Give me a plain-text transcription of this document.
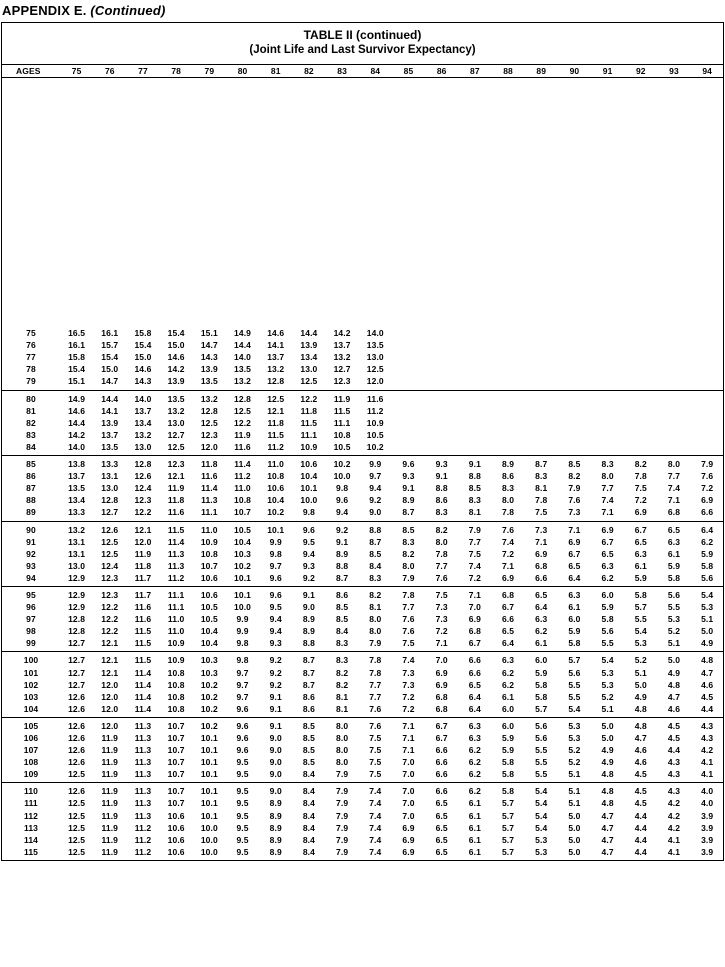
APPENDIX E. (Continued)
TABLE II (continued)
(Joint Life and Last Survivor Expectancy)
AGES	75	76	77	78	79	80	81	82	83	84	85	86	87	88	89	90	91	92	93	94

75	16.5	16.1	15.8	15.4	15.1	14.9	14.6	14.4	14.2	14.0										
76	16.1	15.7	15.4	15.0	14.7	14.4	14.1	13.9	13.7	13.5										
77	15.8	15.4	15.0	14.6	14.3	14.0	13.7	13.4	13.2	13.0										
78	15.4	15.0	14.6	14.2	13.9	13.5	13.2	13.0	12.7	12.5										
79	15.1	14.7	14.3	13.9	13.5	13.2	12.8	12.5	12.3	12.0										

80	14.9	14.4	14.0	13.5	13.2	12.8	12.5	12.2	11.9	11.6										
81	14.6	14.1	13.7	13.2	12.8	12.5	12.1	11.8	11.5	11.2										
82	14.4	13.9	13.4	13.0	12.5	12.2	11.8	11.5	11.1	10.9										
83	14.2	13.7	13.2	12.7	12.3	11.9	11.5	11.1	10.8	10.5										
84	14.0	13.5	13.0	12.5	12.0	11.6	11.2	10.9	10.5	10.2										

85	13.8	13.3	12.8	12.3	11.8	11.4	11.0	10.6	10.2	9.9	9.6	9.3	9.1	8.9	8.7	8.5	8.3	8.2	8.0	7.9
86	13.7	13.1	12.6	12.1	11.6	11.2	10.8	10.4	10.0	9.7	9.3	9.1	8.8	8.6	8.3	8.2	8.0	7.8	7.7	7.6
87	13.5	13.0	12.4	11.9	11.4	11.0	10.6	10.1	9.8	9.4	9.1	8.8	8.5	8.3	8.1	7.9	7.7	7.5	7.4	7.2
88	13.4	12.8	12.3	11.8	11.3	10.8	10.4	10.0	9.6	9.2	8.9	8.6	8.3	8.0	7.8	7.6	7.4	7.2	7.1	6.9
89	13.3	12.7	12.2	11.6	11.1	10.7	10.2	9.8	9.4	9.0	8.7	8.3	8.1	7.8	7.5	7.3	7.1	6.9	6.8	6.6

90	13.2	12.6	12.1	11.5	11.0	10.5	10.1	9.6	9.2	8.8	8.5	8.2	7.9	7.6	7.3	7.1	6.9	6.7	6.5	6.4
91	13.1	12.5	12.0	11.4	10.9	10.4	9.9	9.5	9.1	8.7	8.3	8.0	7.7	7.4	7.1	6.9	6.7	6.5	6.3	6.2
92	13.1	12.5	11.9	11.3	10.8	10.3	9.8	9.4	8.9	8.5	8.2	7.8	7.5	7.2	6.9	6.7	6.5	6.3	6.1	5.9
93	13.0	12.4	11.8	11.3	10.7	10.2	9.7	9.3	8.8	8.4	8.0	7.7	7.4	7.1	6.8	6.5	6.3	6.1	5.9	5.8
94	12.9	12.3	11.7	11.2	10.6	10.1	9.6	9.2	8.7	8.3	7.9	7.6	7.2	6.9	6.6	6.4	6.2	5.9	5.8	5.6

95	12.9	12.3	11.7	11.1	10.6	10.1	9.6	9.1	8.6	8.2	7.8	7.5	7.1	6.8	6.5	6.3	6.0	5.8	5.6	5.4
96	12.9	12.2	11.6	11.1	10.5	10.0	9.5	9.0	8.5	8.1	7.7	7.3	7.0	6.7	6.4	6.1	5.9	5.7	5.5	5.3
97	12.8	12.2	11.6	11.0	10.5	9.9	9.4	8.9	8.5	8.0	7.6	7.3	6.9	6.6	6.3	6.0	5.8	5.5	5.3	5.1
98	12.8	12.2	11.5	11.0	10.4	9.9	9.4	8.9	8.4	8.0	7.6	7.2	6.8	6.5	6.2	5.9	5.6	5.4	5.2	5.0
99	12.7	12.1	11.5	10.9	10.4	9.8	9.3	8.8	8.3	7.9	7.5	7.1	6.7	6.4	6.1	5.8	5.5	5.3	5.1	4.9

100	12.7	12.1	11.5	10.9	10.3	9.8	9.2	8.7	8.3	7.8	7.4	7.0	6.6	6.3	6.0	5.7	5.4	5.2	5.0	4.8
101	12.7	12.1	11.4	10.8	10.3	9.7	9.2	8.7	8.2	7.8	7.3	6.9	6.6	6.2	5.9	5.6	5.3	5.1	4.9	4.7
102	12.7	12.0	11.4	10.8	10.2	9.7	9.2	8.7	8.2	7.7	7.3	6.9	6.5	6.2	5.8	5.5	5.3	5.0	4.8	4.6
103	12.6	12.0	11.4	10.8	10.2	9.7	9.1	8.6	8.1	7.7	7.2	6.8	6.4	6.1	5.8	5.5	5.2	4.9	4.7	4.5
104	12.6	12.0	11.4	10.8	10.2	9.6	9.1	8.6	8.1	7.6	7.2	6.8	6.4	6.0	5.7	5.4	5.1	4.8	4.6	4.4

105	12.6	12.0	11.3	10.7	10.2	9.6	9.1	8.5	8.0	7.6	7.1	6.7	6.3	6.0	5.6	5.3	5.0	4.8	4.5	4.3
106	12.6	11.9	11.3	10.7	10.1	9.6	9.0	8.5	8.0	7.5	7.1	6.7	6.3	5.9	5.6	5.3	5.0	4.7	4.5	4.3
107	12.6	11.9	11.3	10.7	10.1	9.6	9.0	8.5	8.0	7.5	7.1	6.6	6.2	5.9	5.5	5.2	4.9	4.6	4.4	4.2
108	12.6	11.9	11.3	10.7	10.1	9.5	9.0	8.5	8.0	7.5	7.0	6.6	6.2	5.8	5.5	5.2	4.9	4.6	4.3	4.1
109	12.5	11.9	11.3	10.7	10.1	9.5	9.0	8.4	7.9	7.5	7.0	6.6	6.2	5.8	5.5	5.1	4.8	4.5	4.3	4.1

110	12.6	11.9	11.3	10.7	10.1	9.5	9.0	8.4	7.9	7.4	7.0	6.6	6.2	5.8	5.4	5.1	4.8	4.5	4.3	4.0
111	12.5	11.9	11.3	10.7	10.1	9.5	8.9	8.4	7.9	7.4	7.0	6.5	6.1	5.7	5.4	5.1	4.8	4.5	4.2	4.0
112	12.5	11.9	11.3	10.6	10.1	9.5	8.9	8.4	7.9	7.4	7.0	6.5	6.1	5.7	5.4	5.0	4.7	4.4	4.2	3.9
113	12.5	11.9	11.2	10.6	10.0	9.5	8.9	8.4	7.9	7.4	6.9	6.5	6.1	5.7	5.4	5.0	4.7	4.4	4.2	3.9
114	12.5	11.9	11.2	10.6	10.0	9.5	8.9	8.4	7.9	7.4	6.9	6.5	6.1	5.7	5.3	5.0	4.7	4.4	4.1	3.9
115	12.5	11.9	11.2	10.6	10.0	9.5	8.9	8.4	7.9	7.4	6.9	6.5	6.1	5.7	5.3	5.0	4.7	4.4	4.1	3.9
